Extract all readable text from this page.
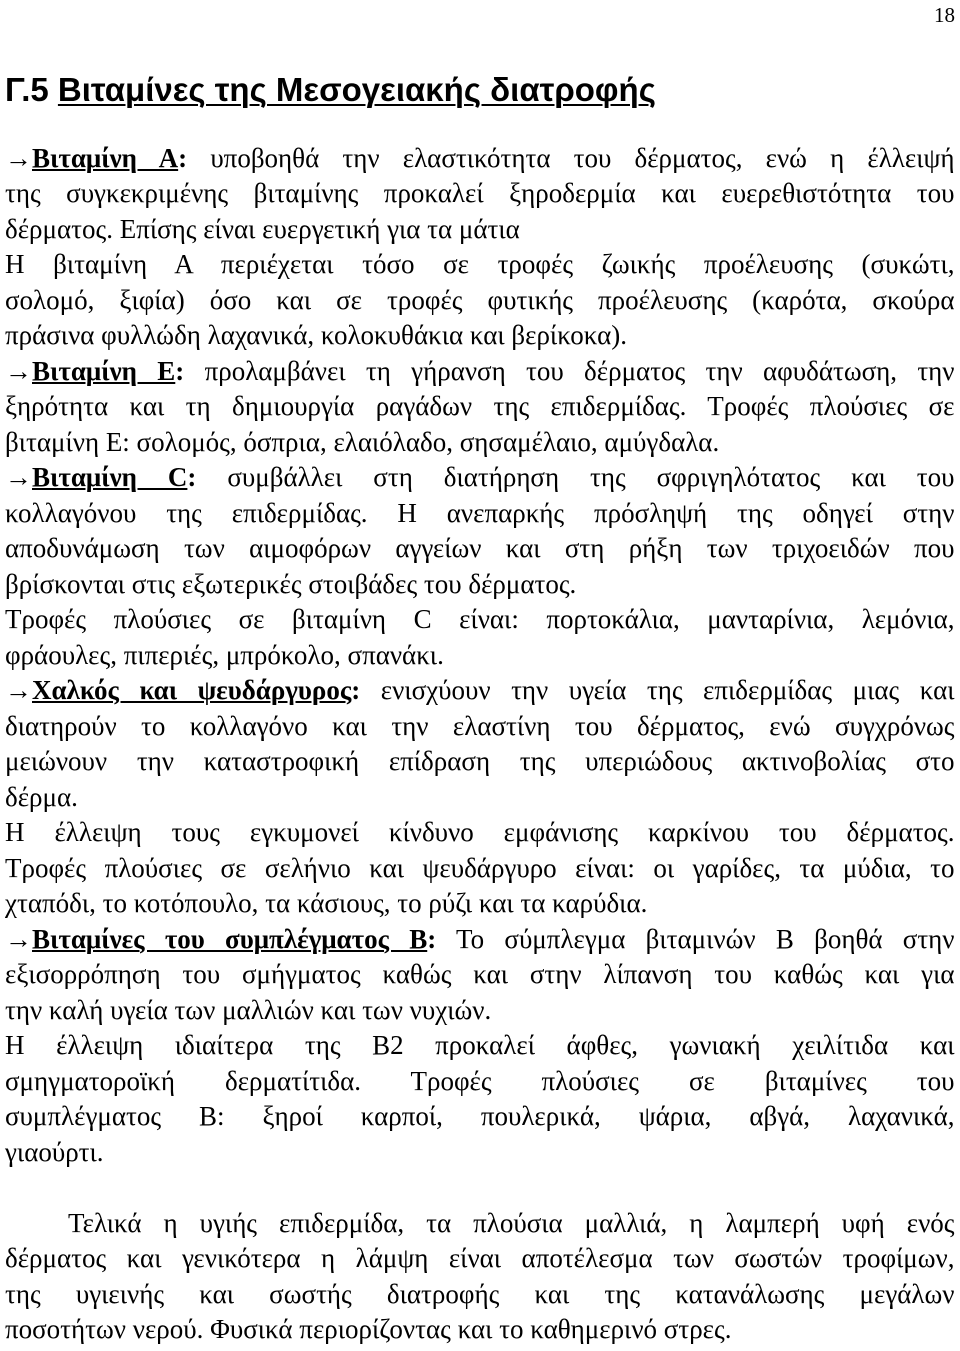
18
Γ.5 Βιταμίνες της Μεσογειακής διατροφής
→Βιταμίνη Α: υποβοηθά την ελαστικότητα του δέρματος, ενώ η έλλειψή
της συγκεκριμένης βιταμίνης προκαλεί ξηροδερμία και ευερεθιστότητα του
δέρματος. Επίσης είναι ευεργετική για τα μάτια
Η βιταμίνη Α περιέχεται τόσο σε τροφές ζωικής προέλευσης (συκώτι,
σολομό, ξιφία) όσο και σε τροφές φυτικής προέλευσης (καρότα, σκούρα
πράσινα φυλλώδη λαχανικά, κολοκυθάκια και βερίκοκα).
→Βιταμίνη Ε: προλαμβάνει τη γήρανση του δέρματος την αφυδάτωση, την
ξηρότητα και τη δημιουργία ραγάδων της επιδερμίδας. Τροφές πλούσιες σε
βιταμίνη Ε: σολομός, όσπρια, ελαιόλαδο, σησαμέλαιο, αμύγδαλα.
→Βιταμίνη C: συμβάλλει στη διατήρηση της σφριγηλότατος και του
κολλαγόνου της επιδερμίδας. Η ανεπαρκής πρόσληψή της οδηγεί στην
αποδυνάμωση των αιμοφόρων αγγείων και στη ρήξη των τριχοειδών που
βρίσκονται στις εξωτερικές στοιβάδες του δέρματος.
Τροφές πλούσιες σε βιταμίνη C είναι: πορτοκάλια, μανταρίνια, λεμόνια,
φράουλες, πιπεριές, μπρόκολο, σπανάκι.
→Χαλκός και ψευδάργυρος: ενισχύουν την υγεία της επιδερμίδας μιας και
διατηρούν το κολλαγόνο και την ελαστίνη του δέρματος, ενώ συγχρόνως
μειώνουν την καταστροφική επίδραση της υπεριώδους ακτινοβολίας στο
δέρμα.
Η έλλειψη τους εγκυμονεί κίνδυνο εμφάνισης καρκίνου του δέρματος.
Τροφές πλούσιες σε σελήνιο και ψευδάργυρο είναι: οι γαρίδες, τα μύδια, το
χταπόδι, το κοτόπουλο, τα κάσιους, το ρύζι και τα καρύδια.
→Βιταμίνες του συμπλέγματος Β: Το σύμπλεγμα βιταμινών Β βοηθά στην
εξισορρόπηση του σμήγματος καθώς και στην λίπανση του καθώς και για
την καλή υγεία των μαλλιών και των νυχιών.
Η έλλειψη ιδιαίτερα της Β2 προκαλεί άφθες, γωνιακή χειλίτιδα και
σμηγματοροϊκή δερματίτιδα. Τροφές πλούσιες σε βιταμίνες του
συμπλέγματος Β: ξηροί καρποί, πουλερικά, ψάρια, αβγά, λαχανικά,
γιαούρτι.
Τελικά η υγιής επιδερμίδα, τα πλούσια μαλλιά, η λαμπερή υφή ενός
δέρματος και γενικότερα η λάμψη είναι αποτέλεσμα των σωστών τροφίμων,
της υγιεινής και σωστής διατροφής και της κατανάλωσης μεγάλων
ποσοτήτων νερού. Φυσικά περιορίζοντας και το καθημερινό στρες.
